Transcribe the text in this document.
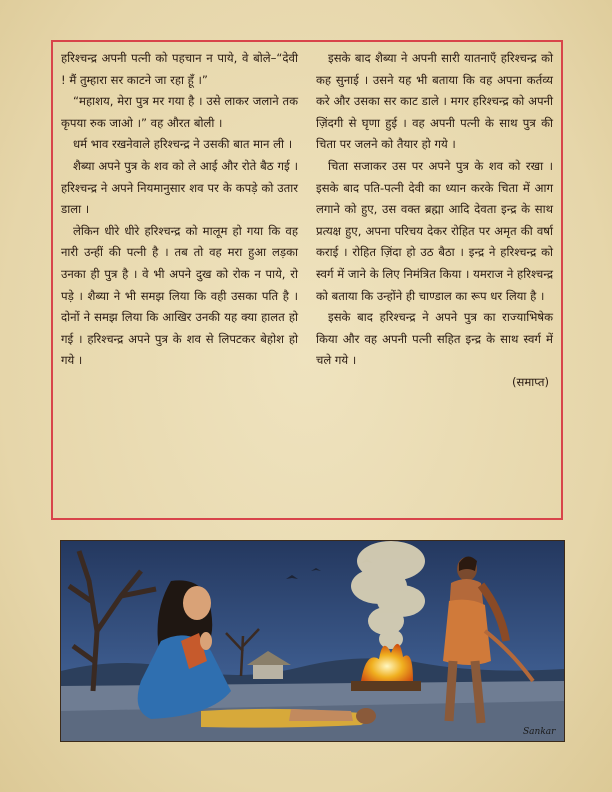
हरिश्चन्द्र अपनी पत्नी को पहचान न पाये, वे बोले–“देवी ! मैं तुम्हारा सर काटने जा रहा हूँ ।”

“महाशय, मेरा पुत्र मर गया है । उसे लाकर जलाने तक कृपया रुक जाओ ।” वह औरत बोली ।

धर्म भाव रखनेवाले हरिश्चन्द्र ने उसकी बात मान ली ।

शैब्या अपने पुत्र के शव को ले आई और रोते बैठ गई । हरिश्चन्द्र ने अपने नियमानुसार शव पर के कपड़े को उतार डाला ।

लेकिन धीरे धीरे हरिश्चन्द्र को मालूम हो गया कि वह नारी उन्हीं की पत्नी है । तब तो वह मरा हुआ लड़का उनका ही पुत्र है । वे भी अपने दुख को रोक न पाये, रो पड़े । शैब्या ने भी समझ लिया कि वही उसका पति है । दोनों ने समझ लिया कि आखिर उनकी यह क्या हालत हो गई । हरिश्चन्द्र अपने पुत्र के शव से लिपटकर बेहोश हो गये ।

इसके बाद शैब्या ने अपनी सारी यातनाएँ हरिश्चन्द्र को कह सुनाई । उसने यह भी बताया कि वह अपना कर्तव्य करे और उसका सर काट डाले । मगर हरिश्चन्द्र को अपनी ज़िंदगी से घृणा हुई । वह अपनी पत्नी के साथ पुत्र की चिता पर जलने को तैयार हो गये ।

चिता सजाकर उस पर अपने पुत्र के शव को रखा । इसके बाद पति-पत्नी देवी का ध्यान करके चिता में आग लगाने को हुए, उस वक्त ब्रह्मा आदि देवता इन्द्र के साथ प्रत्यक्ष हुए, अपना परिचय देकर रोहित पर अमृत की वर्षा कराई । रोहित ज़िंदा हो उठ बैठा । इन्द्र ने हरिश्चन्द्र को स्वर्ग में जाने के लिए निमंत्रित किया । यमराज ने हरिश्चन्द्र को बताया कि उन्होंने ही चाण्डाल का रूप धर लिया है ।

इसके बाद हरिश्चन्द्र ने अपने पुत्र का राज्याभिषेक किया और वह अपनी पत्नी सहित इन्द्र के साथ स्वर्ग में चले गये ।

(समाप्त)

Sankar
